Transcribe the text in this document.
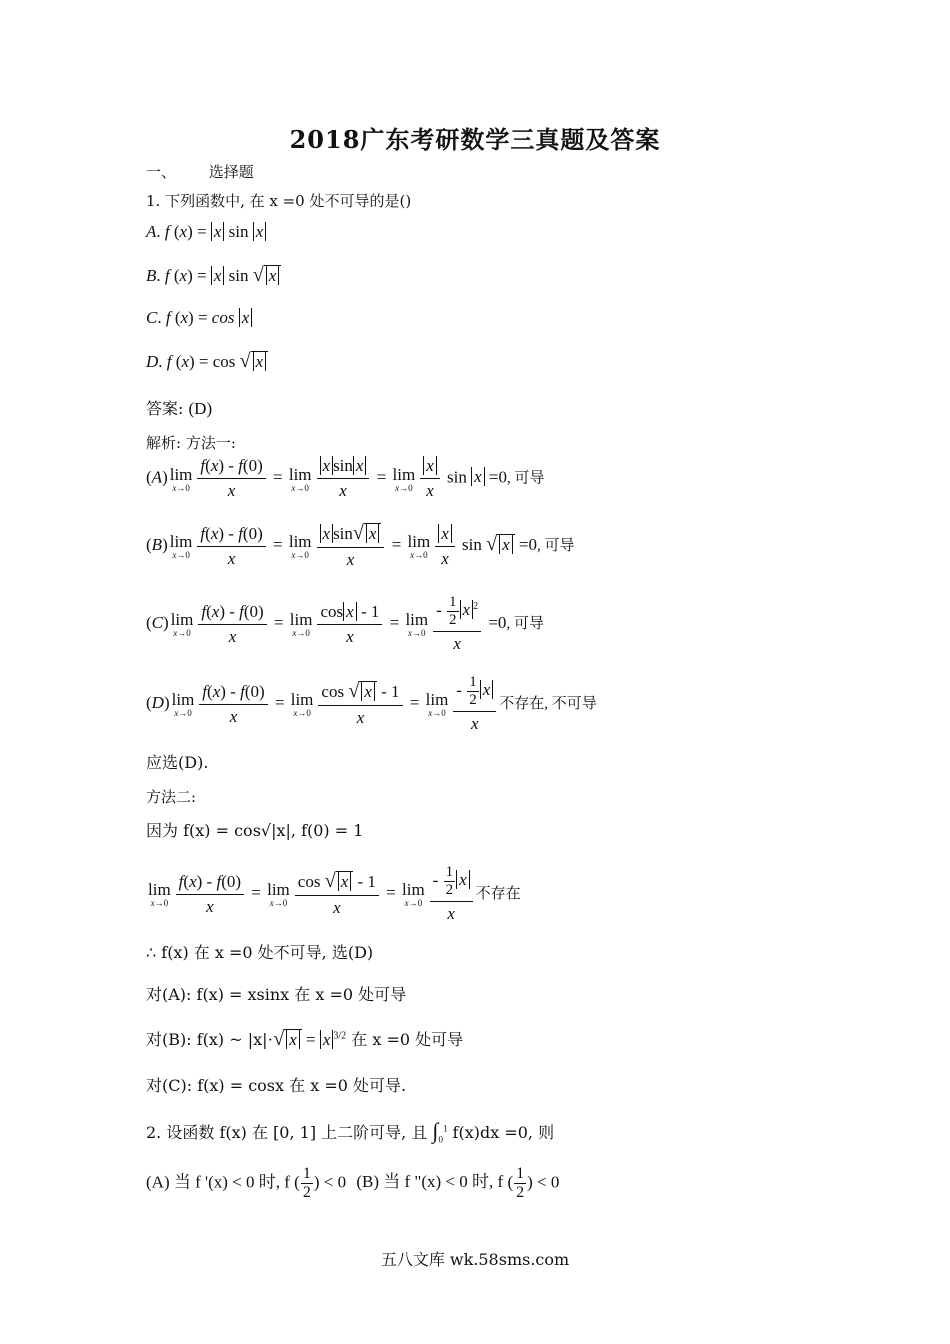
2018广东考研数学三真题及答案
一、 选择题
1. 下列函数中, 在 x =0 处不可导的是()
A. f (x) = x sin x
B. f (x) = x sin √ x
C. f (x) = cos x
D. f (x) = cos √ x
答案: (D)
解析: 方法一:
(A) lim
$x\to 0 \frac{f(x) - f(0)}{x} = \lim$
$x\to 0 \frac{\text{x sin x}}{x} = \lim$
$x\to 0 \frac{x}{x}$ sin x =0, 可导
(B) lim
$x\to 0 \frac{f(x) - f(0)}{x} = \lim$
$x\to 0 \frac{\text{x sin√ x}}{x} = \lim$
$x\to 0 \frac{x}{x}$ sin √ x =0, 可导
(C) lim
$x\to 0 \frac{f(x) - f(0)}{x} = \lim$
$x\to 0 \frac{\text{cos x - 1}}{x} = \lim$
$x\to 0 \frac{- \frac{1}{2} x ^2}{x} =0$, 可导
(D) lim
$x\to 0 \frac{f(x) - f(0)}{x} = \lim$
$x\to 0 \frac{\cos √ x - 1}{x} = \lim$
$x\to 0 \frac{- \frac{1}{2} x}{x}$ 不存在, 不可导
应选(D).
方法二:
因为 f(x) = cos√|x|, f(0) = 1
lim
$x\to 0 \frac{f(x) - f(0)}{x} = \lim$
$x\to 0 \frac{\cos √ x - 1}{x} = \lim$
$x\to 0 \frac{- \frac{1}{2} x}{x}$ 不存在
∴ f(x) 在 x =0 处不可导, 选(D)
对(A): f(x) = xsinx 在 x =0 处可导
对(B): f(x) ~ |x|·√ x = x $^{3/2}$ 在 x =0 处可导
对(C): f(x) = cosx 在 x =0 处可导.
2. 设函数 f(x) 在 [0, 1] 上二阶可导, 且 $\int_0^1$ f(x)dx =0, 则
(A) 当 f '(x) < 0 时, f ( $\frac{1}{2}$ ) < 0 (B) 当 f "(x) < 0 时, f ( $\frac{1}{2}$ ) < 0
五八文库 wk.58sms.com
